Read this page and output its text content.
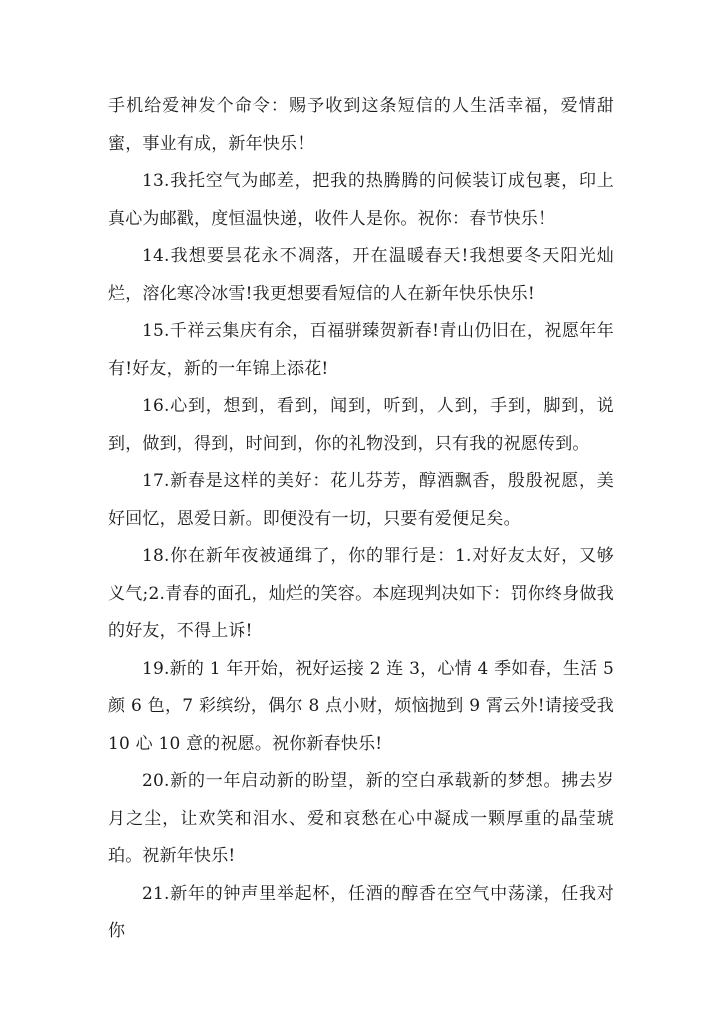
手机给爱神发个命令：赐予收到这条短信的人生活幸福，爱情甜蜜，事业有成，新年快乐！

13.我托空气为邮差，把我的热腾腾的问候装订成包裹，印上真心为邮戳，度恒温快递，收件人是你。祝你：春节快乐！

14.我想要昙花永不凋落，开在温暖春天!我想要冬天阳光灿烂，溶化寒冷冰雪!我更想要看短信的人在新年快乐快乐!

15.千祥云集庆有余，百福骈臻贺新春!青山仍旧在，祝愿年年有!好友，新的一年锦上添花!

16.心到，想到，看到，闻到，听到，人到，手到，脚到，说到，做到，得到，时间到，你的礼物没到，只有我的祝愿传到。

17.新春是这样的美好：花儿芬芳，醇酒飘香，殷殷祝愿，美好回忆，恩爱日新。即便没有一切，只要有爱便足矣。

18.你在新年夜被通缉了，你的罪行是：1.对好友太好，又够义气;2.青春的面孔，灿烂的笑容。本庭现判决如下：罚你终身做我的好友，不得上诉!

19.新的 1 年开始，祝好运接 2 连 3，心情 4 季如春，生活 5 颜 6 色，7 彩缤纷，偶尔 8 点小财，烦恼抛到 9 霄云外!请接受我 10 心 10 意的祝愿。祝你新春快乐!

20.新的一年启动新的盼望，新的空白承载新的梦想。拂去岁月之尘，让欢笑和泪水、爱和哀愁在心中凝成一颗厚重的晶莹琥珀。祝新年快乐!

21.新年的钟声里举起杯，任酒的醇香在空气中荡漾，任我对你
